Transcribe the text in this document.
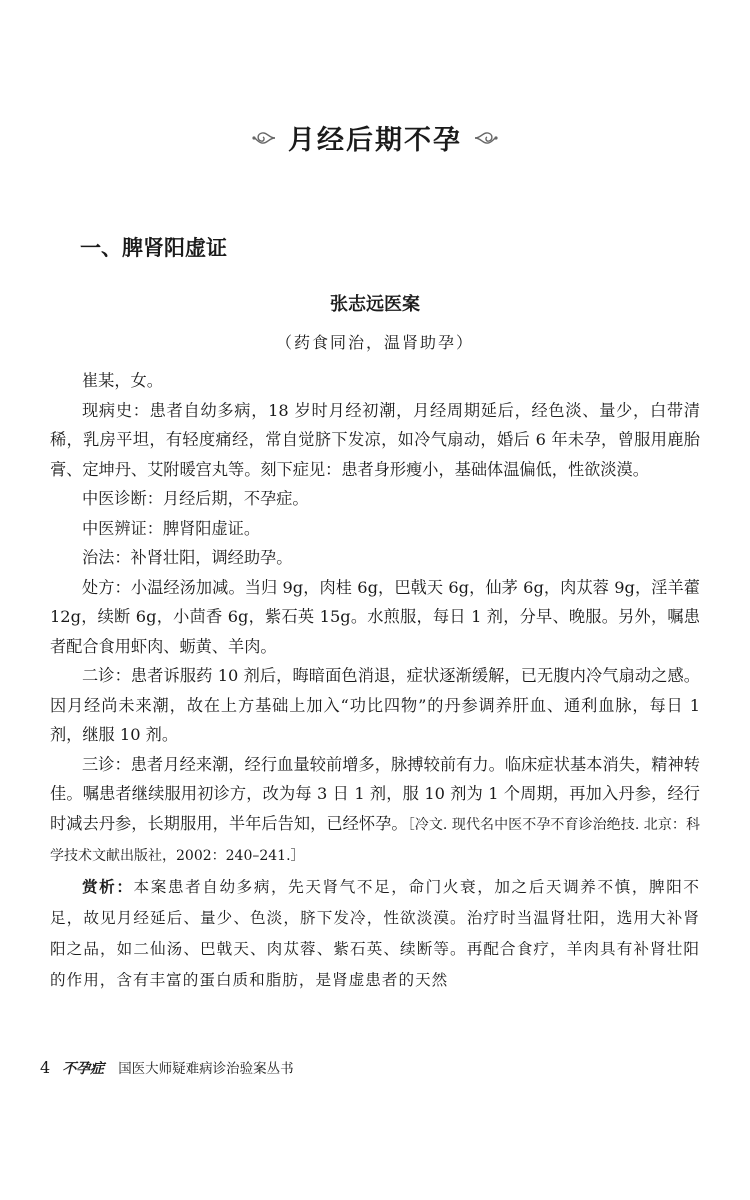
月经后期不孕
一、脾肾阳虚证
张志远医案
（药食同治，温肾助孕）

崔某，女。

现病史：患者自幼多病，18 岁时月经初潮，月经周期延后，经色淡、量少，白带清稀，乳房平坦，有轻度痛经，常自觉脐下发凉，如冷气扇动，婚后 6 年未孕，曾服用鹿胎膏、定坤丹、艾附暖宫丸等。刻下症见：患者身形瘦小，基础体温偏低，性欲淡漠。

中医诊断：月经后期，不孕症。

中医辨证：脾肾阳虚证。

治法：补肾壮阳，调经助孕。

处方：小温经汤加减。当归 9g，肉桂 6g，巴戟天 6g，仙茅 6g，肉苁蓉 9g，淫羊藿 12g，续断 6g，小茴香 6g，紫石英 15g。水煎服，每日 1 剂，分早、晚服。另外，嘱患者配合食用虾肉、蛎黄、羊肉。

二诊：患者诉服药 10 剂后，晦暗面色消退，症状逐渐缓解，已无腹内冷气扇动之感。因月经尚未来潮，故在上方基础上加入“功比四物”的丹参调养肝血、通利血脉，每日 1 剂，继服 10 剂。

三诊：患者月经来潮，经行血量较前增多，脉搏较前有力。临床症状基本消失，精神转佳。嘱患者继续服用初诊方，改为每 3 日 1 剂，服 10 剂为 1 个周期，再加入丹参，经行时减去丹参，长期服用，半年后告知，已经怀孕。［冷文. 现代名中医不孕不育诊治绝技. 北京：科学技术文献出版社，2002：240–241.］

赏析：本案患者自幼多病，先天肾气不足，命门火衰，加之后天调养不慎，脾阳不足，故见月经延后、量少、色淡，脐下发冷，性欲淡漠。治疗时当温肾壮阳，选用大补肾阳之品，如二仙汤、巴戟天、肉苁蓉、紫石英、续断等。再配合食疗，羊肉具有补肾壮阳的作用，含有丰富的蛋白质和脂肪，是肾虚患者的天然

4 不孕症 国医大师疑难病诊治验案丛书
